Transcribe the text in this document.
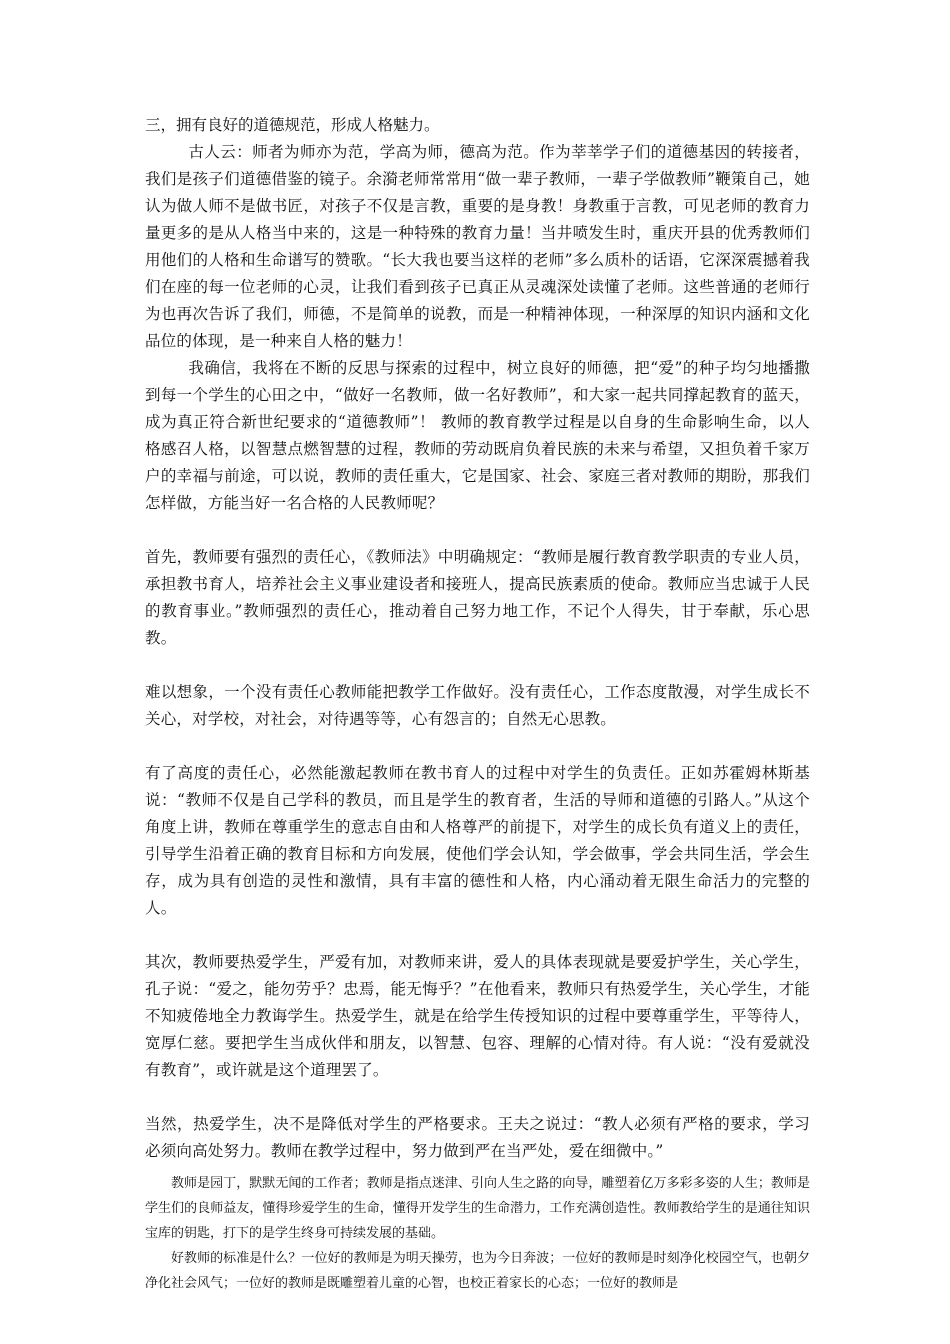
三，拥有良好的道德规范，形成人格魅力。

古人云：师者为师亦为范，学高为师，德高为范。作为莘莘学子们的道德基因的转接者，我们是孩子们道德借鉴的镜子。余漪老师常常用“做一辈子教师，一辈子学做教师”鞭策自己，她认为做人师不是做书匠，对孩子不仅是言教，重要的是身教！身教重于言教，可见老师的教育力量更多的是从人格当中来的，这是一种特殊的教育力量！当井喷发生时，重庆开县的优秀教师们用他们的人格和生命谱写的赞歌。“长大我也要当这样的老师”多么质朴的话语，它深深震撼着我们在座的每一位老师的心灵，让我们看到孩子已真正从灵魂深处读懂了老师。这些普通的老师行为也再次告诉了我们，师德，不是简单的说教，而是一种精神体现，一种深厚的知识内涵和文化品位的体现，是一种来自人格的魅力！

我确信，我将在不断的反思与探索的过程中，树立良好的师德，把“爱”的种子均匀地播撒到每一个学生的心田之中，“做好一名教师，做一名好教师”，和大家一起共同撑起教育的蓝天，成为真正符合新世纪要求的“道德教师”！ 教师的教育教学过程是以自身的生命影响生命，以人格感召人格，以智慧点燃智慧的过程，教师的劳动既肩负着民族的未来与希望，又担负着千家万户的幸福与前途，可以说，教师的责任重大，它是国家、社会、家庭三者对教师的期盼，那我们怎样做，方能当好一名合格的人民教师呢？

首先，教师要有强烈的责任心，《教师法》中明确规定：“教师是履行教育教学职责的专业人员，承担教书育人，培养社会主义事业建设者和接班人，提高民族素质的使命。教师应当忠诚于人民的教育事业。”教师强烈的责任心，推动着自己努力地工作，不记个人得失，甘于奉献，乐心思教。

难以想象，一个没有责任心教师能把教学工作做好。没有责任心，工作态度散漫，对学生成长不关心，对学校，对社会，对待遇等等，心有怨言的；自然无心思教。

有了高度的责任心，必然能激起教师在教书育人的过程中对学生的负责任。正如苏霍姆林斯基说：“教师不仅是自己学科的教员，而且是学生的教育者，生活的导师和道德的引路人。”从这个角度上讲，教师在尊重学生的意志自由和人格尊严的前提下，对学生的成长负有道义上的责任，引导学生沿着正确的教育目标和方向发展，使他们学会认知，学会做事，学会共同生活，学会生存，成为具有创造的灵性和激情，具有丰富的德性和人格，内心涌动着无限生命活力的完整的人。

其次，教师要热爱学生，严爱有加，对教师来讲，爱人的具体表现就是要爱护学生，关心学生，孔子说：“爱之，能勿劳乎？忠焉，能无悔乎？”在他看来，教师只有热爱学生，关心学生，才能不知疲倦地全力教诲学生。热爱学生，就是在给学生传授知识的过程中要尊重学生，平等待人，宽厚仁慈。要把学生当成伙伴和朋友，以智慧、包容、理解的心情对待。有人说：“没有爱就没有教育”，或许就是这个道理罢了。

当然，热爱学生，决不是降低对学生的严格要求。王夫之说过：“教人必须有严格的要求，学习必须向高处努力。教师在教学过程中，努力做到严在当严处，爱在细微中。”

教师是园丁，默默无闻的工作者；教师是指点迷津、引向人生之路的向导，雕塑着亿万多彩多姿的人生；教师是学生们的良师益友，懂得珍爱学生的生命，懂得开发学生的生命潜力，工作充满创造性。教师教给学生的是通往知识宝库的钥匙，打下的是学生终身可持续发展的基础。

好教师的标准是什么？一位好的教师是为明天操劳，也为今日奔波；一位好的教师是时刻净化校园空气，也朝夕净化社会风气；一位好的教师是既雕塑着儿童的心智，也校正着家长的心态；一位好的教师是
